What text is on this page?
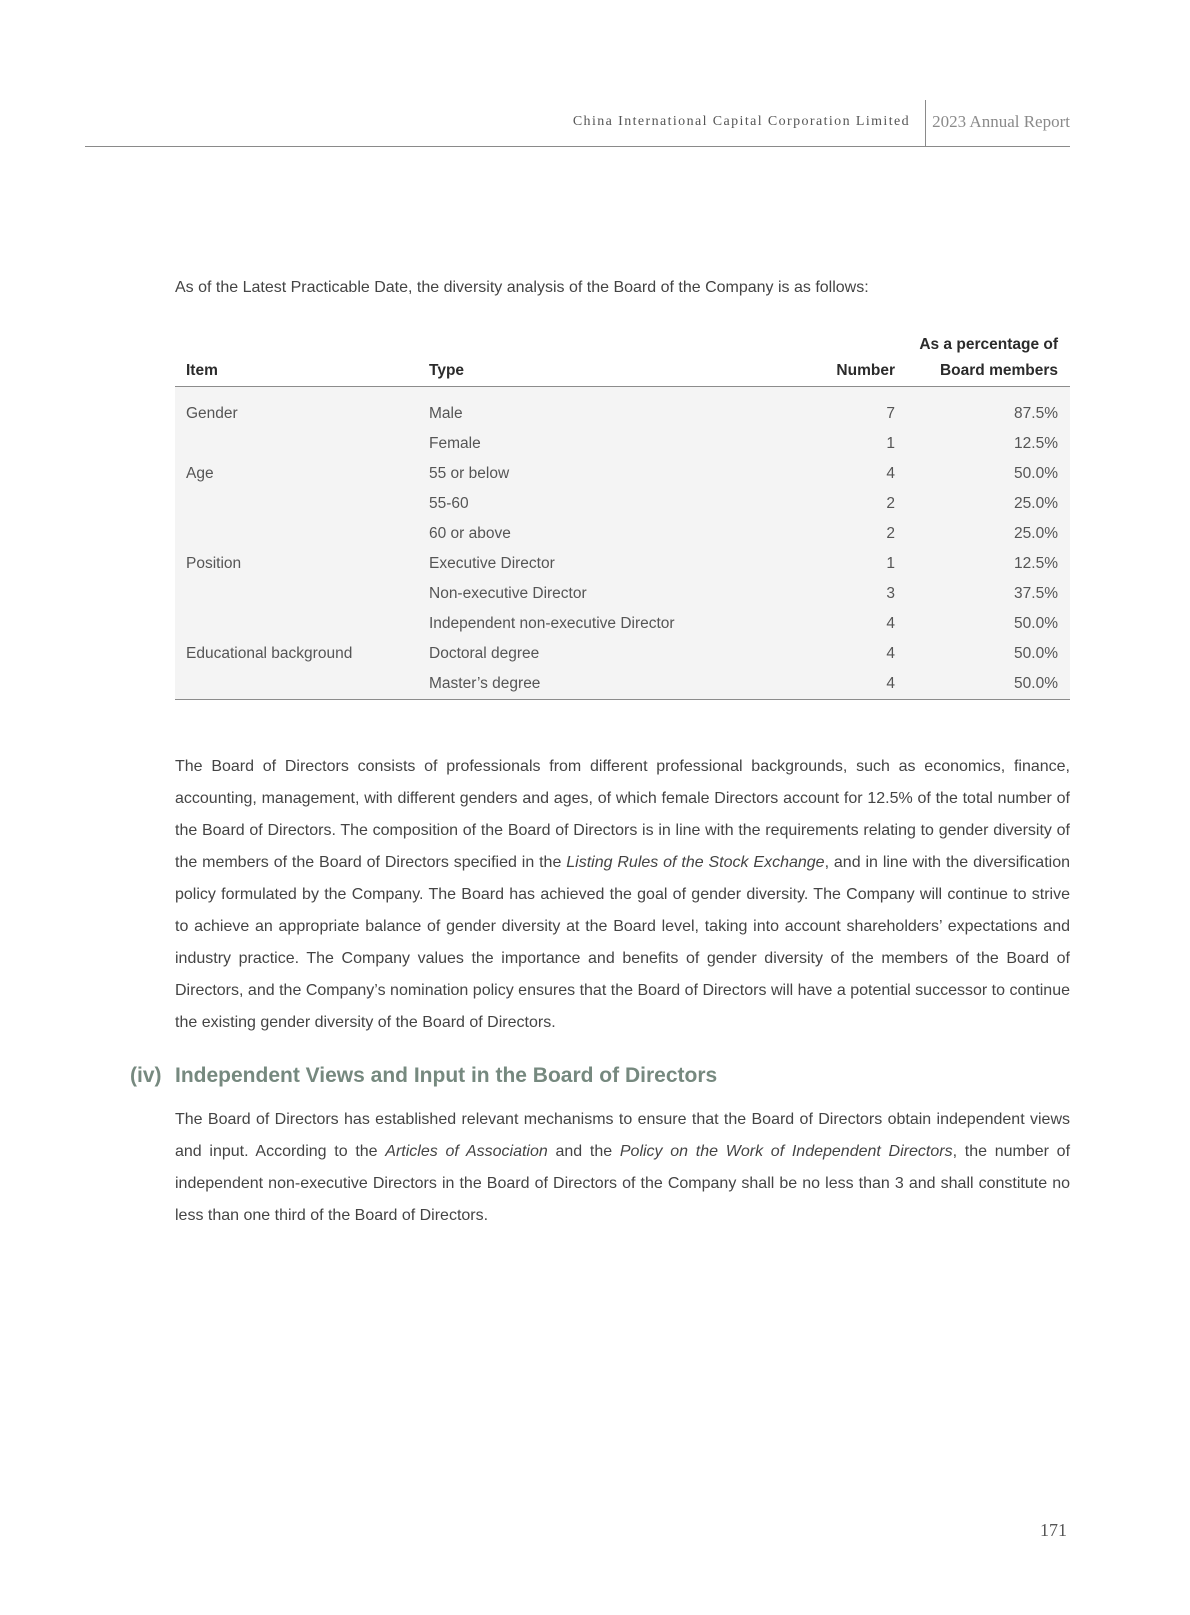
China International Capital Corporation Limited 2023 Annual Report
As of the Latest Practicable Date, the diversity analysis of the Board of the Company is as follows:
			As a percentage of
Item	Type	Number	Board members
Gender	Male	7	87.5%
	Female	1	12.5%
Age	55 or below	4	50.0%
	55-60	2	25.0%
	60 or above	2	25.0%
Position	Executive Director	1	12.5%
	Non-executive Director	3	37.5%
	Independent non-executive Director	4	50.0%
Educational background	Doctoral degree	4	50.0%
	Master’s degree	4	50.0%
The Board of Directors consists of professionals from different professional backgrounds, such as economics, finance, accounting, management, with different genders and ages, of which female Directors account for 12.5% of the total number of the Board of Directors. The composition of the Board of Directors is in line with the requirements relating to gender diversity of the members of the Board of Directors specified in the Listing Rules of the Stock Exchange, and in line with the diversification policy formulated by the Company. The Board has achieved the goal of gender diversity. The Company will continue to strive to achieve an appropriate balance of gender diversity at the Board level, taking into account shareholders’ expectations and industry practice. The Company values the importance and benefits of gender diversity of the members of the Board of Directors, and the Company’s nomination policy ensures that the Board of Directors will have a potential successor to continue the existing gender diversity of the Board of Directors.
(iv) Independent Views and Input in the Board of Directors
The Board of Directors has established relevant mechanisms to ensure that the Board of Directors obtain independent views and input. According to the Articles of Association and the Policy on the Work of Independent Directors, the number of independent non-executive Directors in the Board of Directors of the Company shall be no less than 3 and shall constitute no less than one third of the Board of Directors.
171
